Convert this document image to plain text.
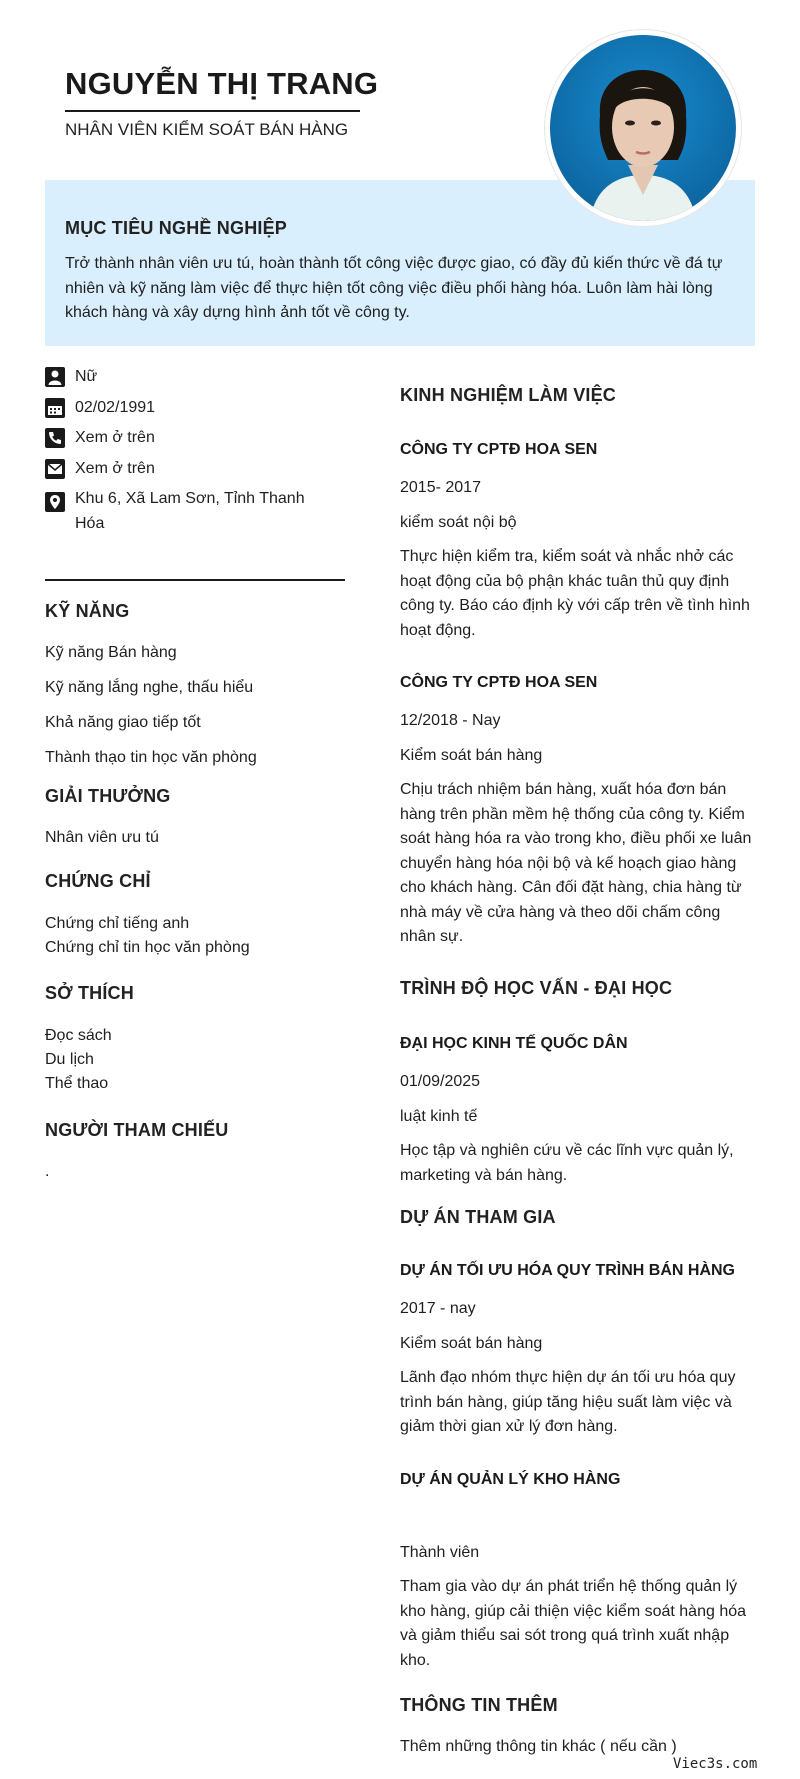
NGUYỄN THỊ TRANG
NHÂN VIÊN KIỂM SOÁT BÁN HÀNG
MỤC TIÊU NGHỀ NGHIỆP
Trở thành nhân viên ưu tú, hoàn thành tốt công việc được giao, có đầy đủ kiến thức về đá tự nhiên và kỹ năng làm việc để thực hiện tốt công việc điều phối hàng hóa. Luôn làm hài lòng khách hàng và xây dựng hình ảnh tốt về công ty.
Nữ
02/02/1991
Xem ở trên
Xem ở trên
Khu 6, Xã Lam Sơn, Tỉnh Thanh Hóa
KỸ NĂNG
Kỹ năng Bán hàng
Kỹ năng lắng nghe, thấu hiểu
Khả năng giao tiếp tốt
Thành thạo tin học văn phòng
GIẢI THƯỞNG
Nhân viên ưu tú
CHỨNG CHỈ
Chứng chỉ tiếng anh
Chứng chỉ tin học văn phòng
SỞ THÍCH
Đọc sách
Du lịch
Thể thao
NGƯỜI THAM CHIẾU
.
KINH NGHIỆM LÀM VIỆC
CÔNG TY CPTĐ HOA SEN
2015- 2017
kiểm soát nội bộ
Thực hiện kiểm tra, kiểm soát và nhắc nhở các hoạt động của bộ phận khác tuân thủ quy định công ty. Báo cáo định kỳ với cấp trên về tình hình hoạt động.
CÔNG TY CPTĐ HOA SEN
12/2018 - Nay
Kiểm soát bán hàng
Chịu trách nhiệm bán hàng, xuất hóa đơn bán hàng trên phần mềm hệ thống của công ty. Kiểm soát hàng hóa ra vào trong kho, điều phối xe luân chuyển hàng hóa nội bộ và kế hoạch giao hàng cho khách hàng. Cân đối đặt hàng, chia hàng từ nhà máy về cửa hàng và theo dõi chấm công nhân sự.
TRÌNH ĐỘ HỌC VẤN - ĐẠI HỌC
ĐẠI HỌC KINH TẾ QUỐC DÂN
01/09/2025
luật kinh tế
Học tập và nghiên cứu về các lĩnh vực quản lý, marketing và bán hàng.
DỰ ÁN THAM GIA
DỰ ÁN TỐI ƯU HÓA QUY TRÌNH BÁN HÀNG
2017 - nay
Kiểm soát bán hàng
Lãnh đạo nhóm thực hiện dự án tối ưu hóa quy trình bán hàng, giúp tăng hiệu suất làm việc và giảm thời gian xử lý đơn hàng.
DỰ ÁN QUẢN LÝ KHO HÀNG
Thành viên
Tham gia vào dự án phát triển hệ thống quản lý kho hàng, giúp cải thiện việc kiểm soát hàng hóa và giảm thiểu sai sót trong quá trình xuất nhập kho.
THÔNG TIN THÊM
Thêm những thông tin khác ( nếu cần )
Viec3s.com
